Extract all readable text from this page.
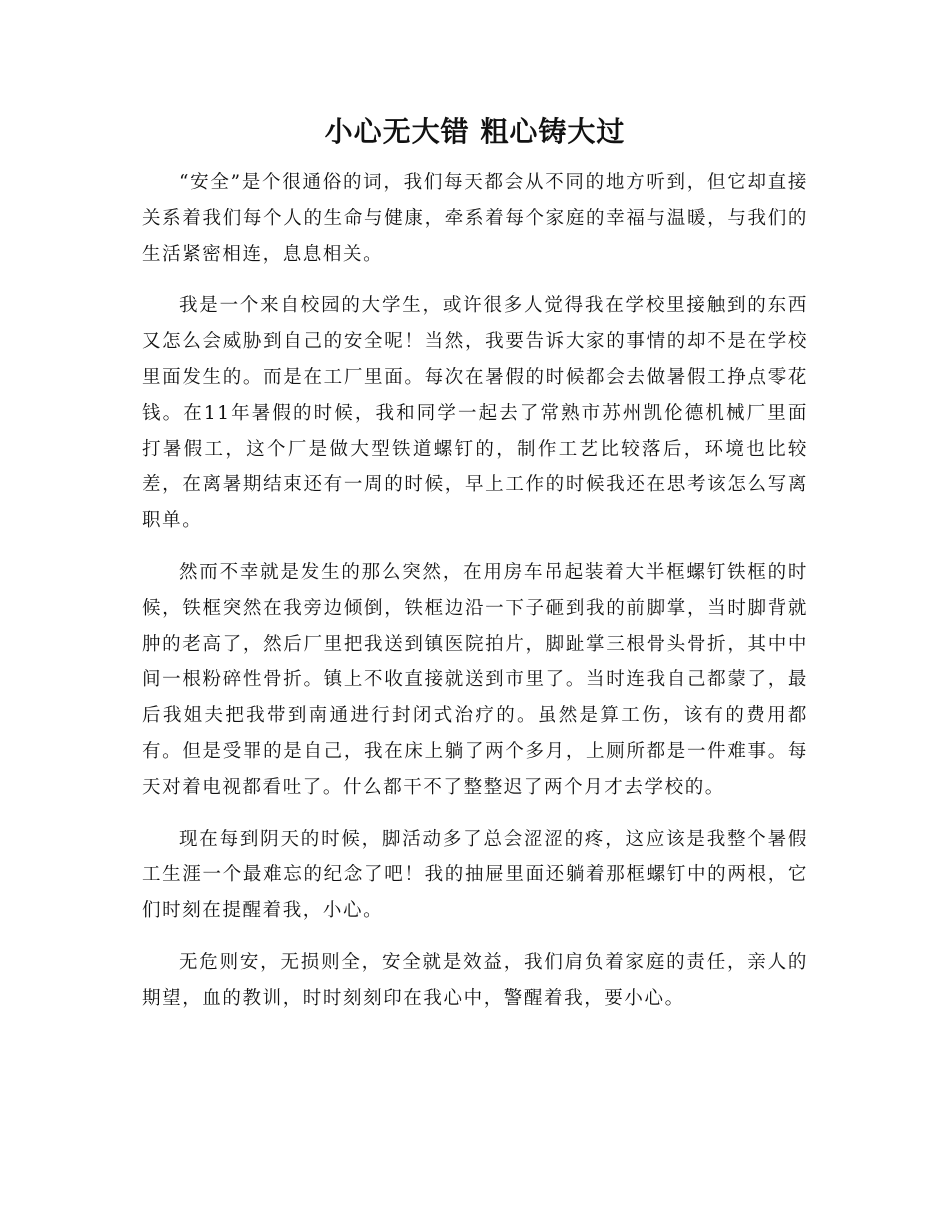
小心无大错 粗心铸大过

“安全”是个很通俗的词，我们每天都会从不同的地方听到，但它却直接关系着我们每个人的生命与健康，牵系着每个家庭的幸福与温暖，与我们的生活紧密相连，息息相关。

我是一个来自校园的大学生，或许很多人觉得我在学校里接触到的东西又怎么会威胁到自己的安全呢！当然，我要告诉大家的事情的却不是在学校里面发生的。而是在工厂里面。每次在暑假的时候都会去做暑假工挣点零花钱。在11年暑假的时候，我和同学一起去了常熟市苏州凯伦德机械厂里面打暑假工，这个厂是做大型铁道螺钉的，制作工艺比较落后，环境也比较差，在离暑期结束还有一周的时候，早上工作的时候我还在思考该怎么写离职单。

然而不幸就是发生的那么突然，在用房车吊起装着大半框螺钉铁框的时候，铁框突然在我旁边倾倒，铁框边沿一下子砸到我的前脚掌，当时脚背就肿的老高了，然后厂里把我送到镇医院拍片，脚趾掌三根骨头骨折，其中中间一根粉碎性骨折。镇上不收直接就送到市里了。当时连我自己都蒙了，最后我姐夫把我带到南通进行封闭式治疗的。虽然是算工伤，该有的费用都有。但是受罪的是自己，我在床上躺了两个多月，上厕所都是一件难事。每天对着电视都看吐了。什么都干不了整整迟了两个月才去学校的。

现在每到阴天的时候，脚活动多了总会涩涩的疼，这应该是我整个暑假工生涯一个最难忘的纪念了吧！我的抽屉里面还躺着那框螺钉中的两根，它们时刻在提醒着我，小心。

无危则安，无损则全，安全就是效益，我们肩负着家庭的责任，亲人的期望，血的教训，时时刻刻印在我心中，警醒着我，要小心。
